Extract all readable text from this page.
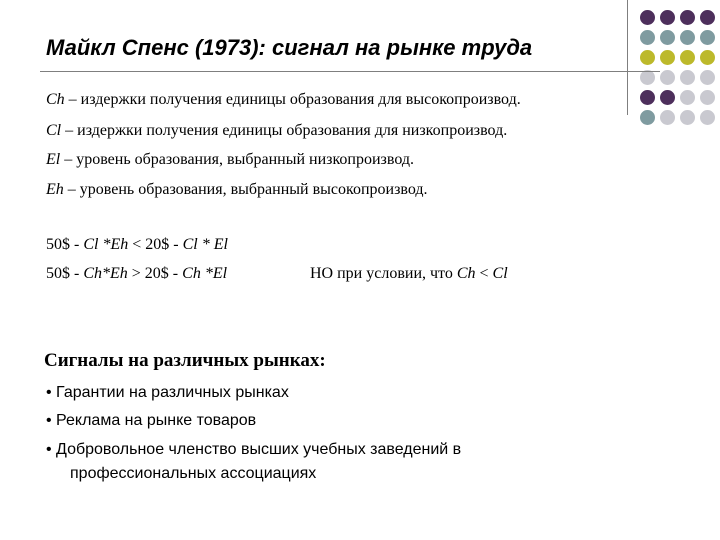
Майкл Спенс (1973): сигнал на рынке труда
Ch – издержки получения единицы образования для высокопроизвод.
Cl – издержки получения единицы образования для низкопроизвод.
El – уровень образования, выбранный низкопроизвод.
Eh – уровень образования, выбранный высокопроизвод.
50$ - Cl *Eh < 20$ - Cl * El
50$ - Ch*Eh > 20$ - Ch *El	НО при условии, что Ch < Cl
Сигналы на различных рынках:
• Гарантии на различных рынках
• Реклама на рынке товаров
• Добровольное членство высших учебных заведений в
профессиональных ассоциациях
